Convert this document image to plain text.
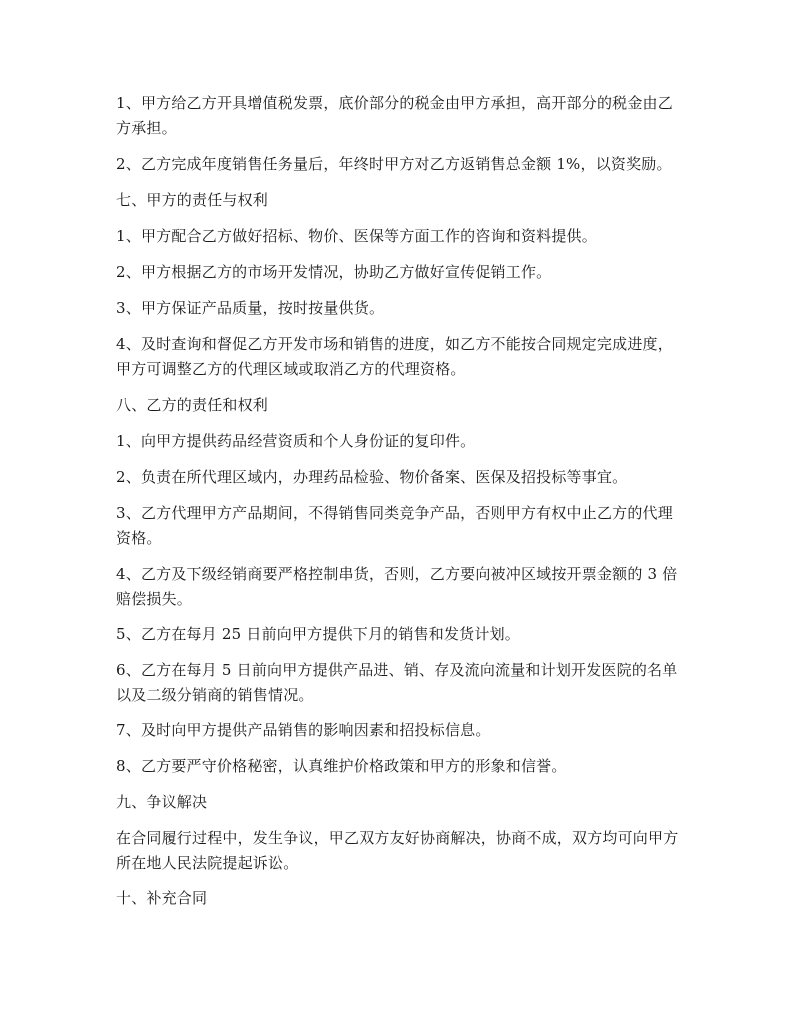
1、甲方给乙方开具增值税发票，底价部分的税金由甲方承担，高开部分的税金由乙方承担。

2、乙方完成年度销售任务量后，年终时甲方对乙方返销售总金额 1%，以资奖励。

七、甲方的责任与权利

1、甲方配合乙方做好招标、物价、医保等方面工作的咨询和资料提供。

2、甲方根据乙方的市场开发情况，协助乙方做好宣传促销工作。

3、甲方保证产品质量，按时按量供货。

4、及时查询和督促乙方开发市场和销售的进度，如乙方不能按合同规定完成进度，甲方可调整乙方的代理区域或取消乙方的代理资格。

八、乙方的责任和权利

1、向甲方提供药品经营资质和个人身份证的复印件。

2、负责在所代理区域内，办理药品检验、物价备案、医保及招投标等事宜。

3、乙方代理甲方产品期间，不得销售同类竞争产品，否则甲方有权中止乙方的代理资格。

4、乙方及下级经销商要严格控制串货，否则，乙方要向被冲区域按开票金额的 3 倍赔偿损失。

5、乙方在每月 25 日前向甲方提供下月的销售和发货计划。

6、乙方在每月 5 日前向甲方提供产品进、销、存及流向流量和计划开发医院的名单以及二级分销商的销售情况。

7、及时向甲方提供产品销售的影响因素和招投标信息。

8、乙方要严守价格秘密，认真维护价格政策和甲方的形象和信誉。

九、争议解决

在合同履行过程中，发生争议，甲乙双方友好协商解决，协商不成，双方均可向甲方所在地人民法院提起诉讼。

十、补充合同
